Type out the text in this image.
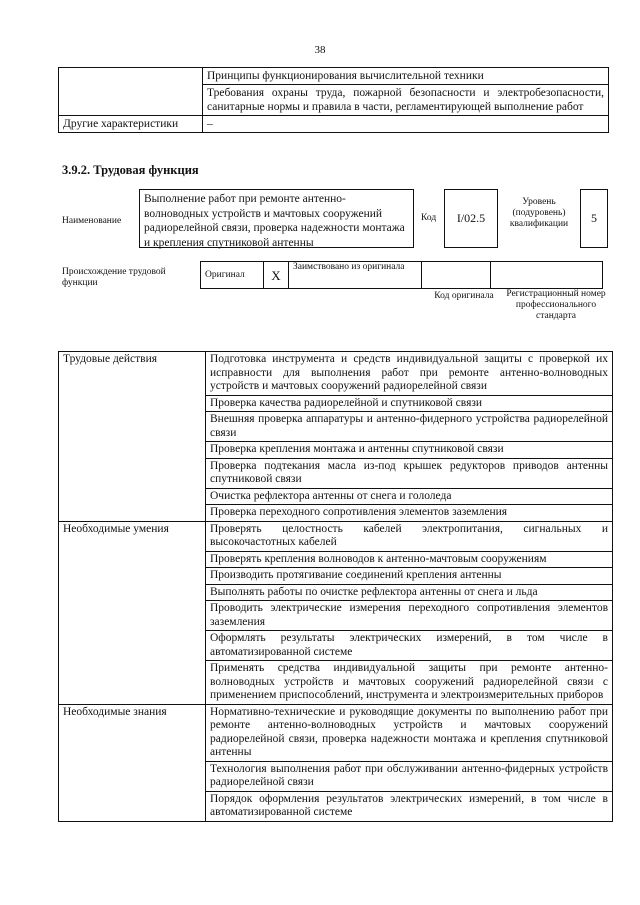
38
	Принципы функционирования вычислительной техники
	Требования охраны труда, пожарной безопасности и электробезопасности, санитарные нормы и правила в части, регламентирующей выполнение работ
Другие характеристики	–
3.9.2. Трудовая функция
Наименование
Выполнение работ при ремонте антенно-волноводных устройств и мачтовых сооружений радиорелейной связи, проверка надежности монтажа и крепления спутниковой антенны
Код	I/02.5
Уровень (подуровень) квалификации	5
Происхождение трудовой функции
Оригинал	X	Заимствовано из оригинала		
Код оригинала	Регистрационный номер профессионального стандарта
Трудовые действия	Подготовка инструмента и средств индивидуальной защиты с проверкой их исправности для выполнения работ при ремонте антенно-волноводных устройств и мачтовых сооружений радиорелейной связи
	Проверка качества радиорелейной и спутниковой связи
	Внешняя проверка аппаратуры и антенно-фидерного устройства радиорелейной связи
	Проверка крепления монтажа и антенны спутниковой связи
	Проверка подтекания масла из-под крышек редукторов приводов антенны спутниковой связи
	Очистка рефлектора антенны от снега и гололеда
	Проверка переходного сопротивления элементов заземления
Необходимые умения	Проверять целостность кабелей электропитания, сигнальных и высокочастотных кабелей
	Проверять крепления волноводов к антенно-мачтовым сооружениям
	Производить протягивание соединений крепления антенны
	Выполнять работы по очистке рефлектора антенны от снега и льда
	Проводить электрические измерения переходного сопротивления элементов заземления
	Оформлять результаты электрических измерений, в том числе в автоматизированной системе
	Применять средства индивидуальной защиты при ремонте антенно-волноводных устройств и мачтовых сооружений радиорелейной связи с применением приспособлений, инструмента и электроизмерительных приборов
Необходимые знания	Нормативно-технические и руководящие документы по выполнению работ при ремонте антенно-волноводных устройств и мачтовых сооружений радиорелейной связи, проверка надежности монтажа и крепления спутниковой антенны
	Технология выполнения работ при обслуживании антенно-фидерных устройств радиорелейной связи
	Порядок оформления результатов электрических измерений, в том числе в автоматизированной системе
